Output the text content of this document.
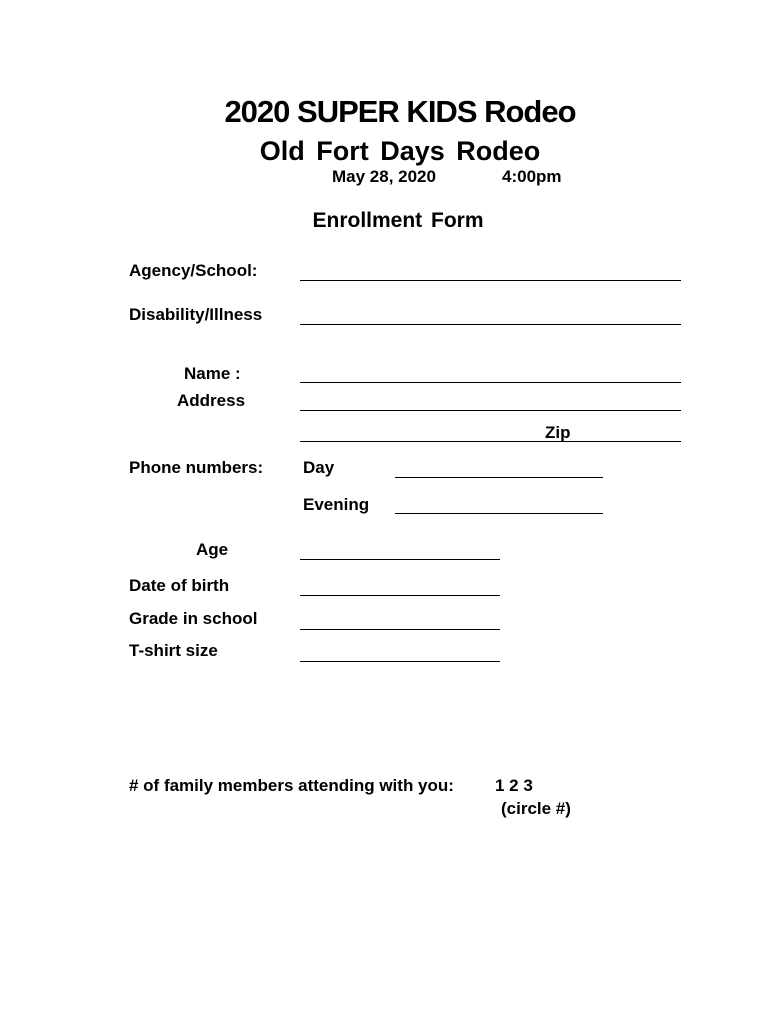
2020 SUPER KIDS Rodeo
Old Fort Days Rodeo
May 28, 2020	4:00pm
Enrollment Form
Agency/School:
Disability/Illness
Name :
Address
Zip
Phone numbers: Day
Evening
Age
Date of birth
Grade in school
T-shirt size
# of family members attending with you: 1 2 3
(circle #)
